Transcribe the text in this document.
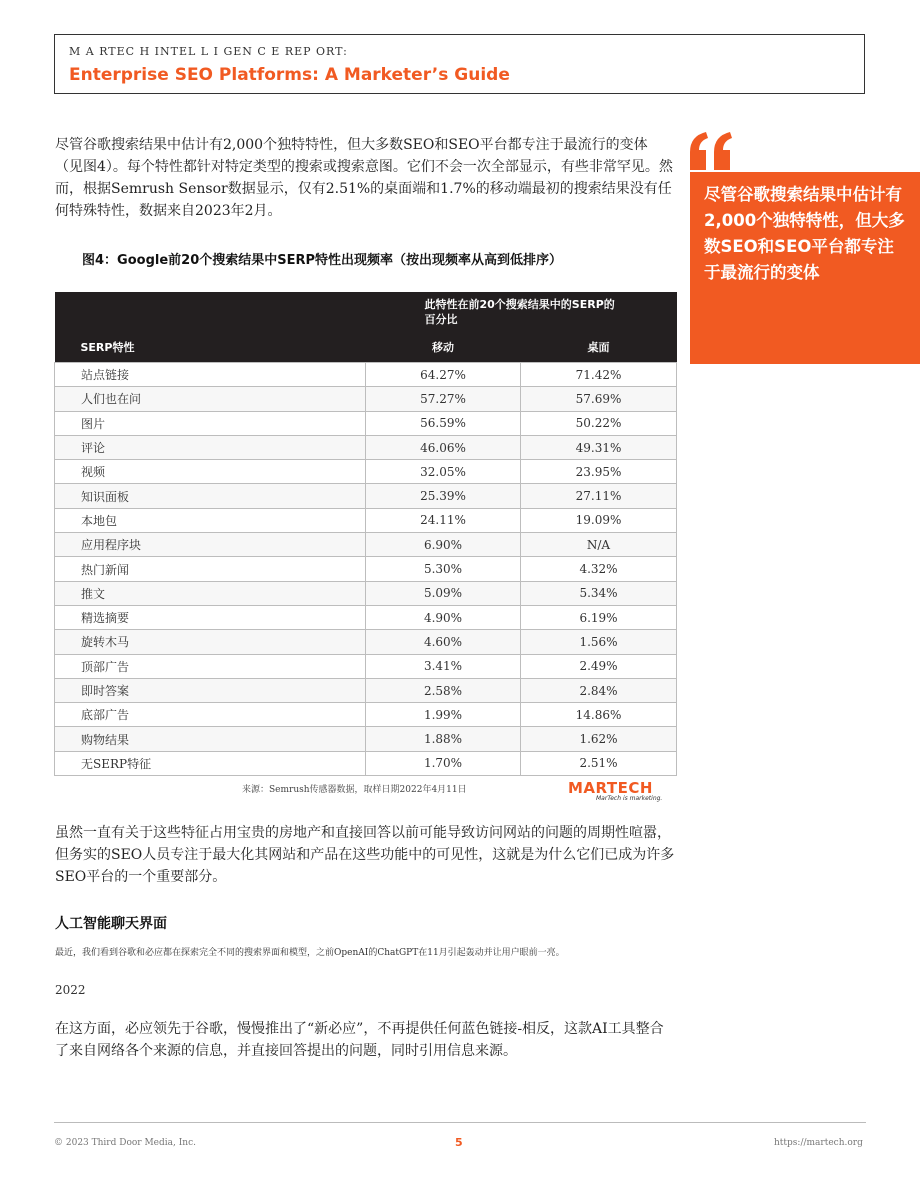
M A RTEC H INTEL L I GEN C E REP ORT:
Enterprise SEO Platforms: A Marketer’s Guide

尽管谷歌搜索结果中估计有2,000个独特特性，但大多数SEO和SEO平台都专注于最流行的变体（见图4）。每个特性都针对特定类型的搜索或搜索意图。它们不会一次全部显示，有些非常罕见。然而，根据Semrush Sensor数据显示，仅有2.51%的桌面端和1.7%的移动端最初的搜索结果没有任何特殊特性，数据来自2023年2月。

图4：Google前20个搜索结果中SERP特性出现频率（按出现频率从高到低排序）
此特性在前20个搜索结果中的SERP的百分比		

SERP特性	移动	桌面
站点链接	64.27%	71.42%
人们也在问	57.27%	57.69%
图片	56.59%	50.22%
评论	46.06%	49.31%
视频	32.05%	23.95%
知识面板	25.39%	27.11%
本地包	24.11%	19.09%
应用程序块	6.90%	N/A
热门新闻	5.30%	4.32%
推文	5.09%	5.34%
精选摘要	4.90%	6.19%
旋转木马	4.60%	1.56%
顶部广告	3.41%	2.49%
即时答案	2.58%	2.84%
底部广告	1.99%	14.86%
购物结果	1.88%	1.62%
无SERP特征	1.70%	2.51%
来源：Semrush传感器数据，取样日期2022年4月11日	MARTECH
MarTech is marketing.

虽然一直有关于这些特征占用宝贵的房地产和直接回答以前可能导致访问网站的问题的周期性喧嚣，但务实的SEO人员专注于最大化其网站和产品在这些功能中的可见性，这就是为什么它们已成为许多SEO平台的一个重要部分。

人工智能聊天界面
最近，我们看到谷歌和必应都在探索完全不同的搜索界面和模型，之前OpenAI的ChatGPT在11月引起轰动并让用户眼前一亮。
2022

在这方面，必应领先于谷歌，慢慢推出了“新必应”，不再提供任何蓝色链接-相反，这款AI工具整合了来自网络各个来源的信息，并直接回答提出的问题，同时引用信息来源。

尽管谷歌搜索结果中估计有2,000个独特特性，但大多数SEO和SEO平台都专注于最流行的变体
© 2023 Third Door Media, Inc.	5	https://martech.org
